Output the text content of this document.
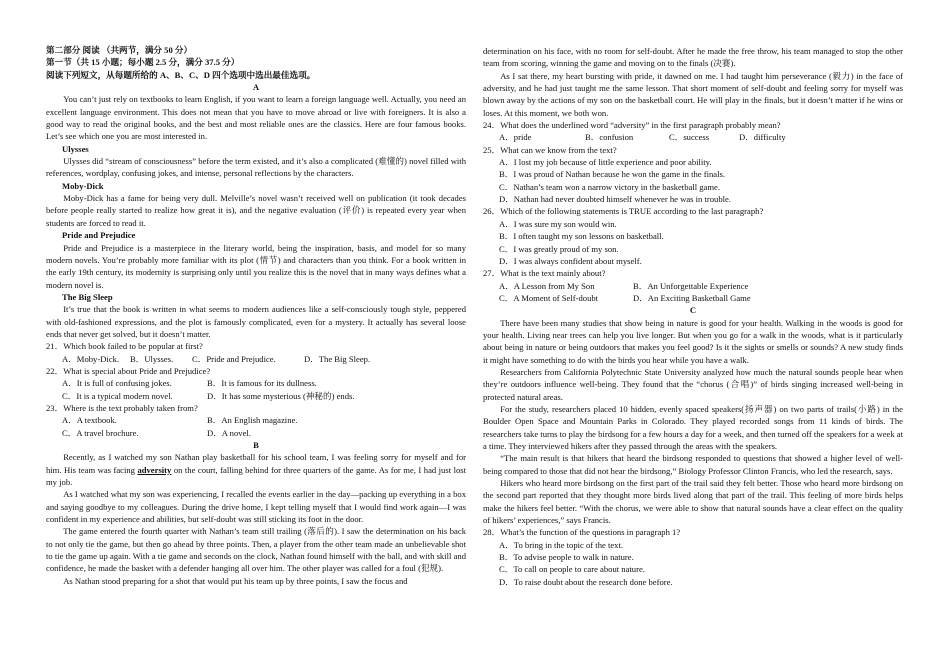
第二部分 阅读 （共两节，满分 50 分）

第一节（共 15 小题；每小题 2.5 分，满分 37.5 分）

阅读下列短文，从每题所给的 A、B、C、D 四个选项中选出最佳选项。

A

You can’t just rely on textbooks to learn English, if you want to learn a foreign language well. Actually, you need an excellent language environment. This does not mean that you have to move abroad or live with foreigners. It is also a good way to read the original books, and the best and most reliable ones are the classics. Here are four famous books. Let’s see which one you are most interested in.

Ulysses

Ulysses did “stream of consciousness” before the term existed, and it’s also a complicated (难懂的) novel filled with references, wordplay, confusing jokes, and intense, personal reflections by the characters.

Moby-Dick

Moby-Dick has a fame for being very dull. Melville’s novel wasn’t received well on publication (it took decades before people really started to realize how great it is), and the negative evaluation (评价) is repeated every year when students are forced to read it.

Pride and Prejudice

Pride and Prejudice is a masterpiece in the literary world, being the inspiration, basis, and model for so many modern novels. You’re probably more familiar with its plot (情节) and characters than you think. For a book written in the early 19th century, its modernity is surprising only until you realize this is the novel that in many ways defines what a modern novel is.

The Big Sleep

It’s true that the book is written in what seems to modern audiences like a self-consciously tough style, peppered with old-fashioned expressions, and the plot is famously complicated, even for a mystery. It actually has several loose ends that never get solved, but it doesn’t matter.

21．Which book failed to be popular at first?

A．Moby-Dick.	B．Ulysses.	C．Pride and Prejudice.	D．The Big Sleep.

22．What is special about Pride and Prejudice?

A．It is full of confusing jokes.	B．It is famous for its dullness.
C．It is a typical modern novel.	D．It has some mysterious (神秘的) ends.

23．Where is the text probably taken from?

A．A textbook.	B．An English magazine.
C．A travel brochure.	D．A novel.

B

Recently, as I watched my son Nathan play basketball for his school team, I was feeling sorry for myself and for him. His team was facing adversity on the court, falling behind for three quarters of the game. As for me, I had just lost my job.

As I watched what my son was experiencing, I recalled the events earlier in the day—packing up everything in a box and saying goodbye to my colleagues. During the drive home, I kept telling myself that I would find work again—I was confident in my experience and abilities, but self-doubt was still sticking its foot in the door.

The game entered the fourth quarter with Nathan’s team still trailing (落后的). I saw the determination on his back to not only tie the game, but then go ahead by three points. Then, a player from the other team made an unbelievable shot to tie the game up again. With a tie game and seconds on the clock, Nathan found himself with the ball, and with skill and confidence, he made the basket with a defender hanging all over him. The other player was called for a foul (犯规).

As Nathan stood preparing for a shot that would put his team up by three points, I saw the focus and

determination on his face, with no room for self-doubt. After he made the free throw, his team managed to stop the other team from scoring, winning the game and moving on to the finals (决赛).

As I sat there, my heart bursting with pride, it dawned on me. I had taught him perseverance (毅力) in the face of adversity, and he had just taught me the same lesson. That short moment of self-doubt and feeling sorry for myself was blown away by the actions of my son on the basketball court. He will play in the finals, but it doesn’t matter if he wins or loses. At this moment, we both won.

24．What does the underlined word “adversity” in the first paragraph probably mean?

A．pride	B．confusion	C．success	D．difficulty

25．What can we know from the text?

A．I lost my job because of little experience and poor ability.

B．I was proud of Nathan because he won the game in the finals.

C．Nathan’s team won a narrow victory in the basketball game.

D．Nathan had never doubted himself whenever he was in trouble.

26．Which of the following statements is TRUE according to the last paragraph?

A．I was sure my son would win.

B．I often taught my son lessons on basketball.

C．I was greatly proud of my son.

D．I was always confident about myself.

27．What is the text mainly about?

A．A Lesson from My Son	B．An Unforgettable Experience
C．A Moment of Self-doubt	D．An Exciting Basketball Game

C

There have been many studies that show being in nature is good for your health. Walking in the woods is good for your health. Living near trees can help you live longer. But when you go for a walk in the woods, what is it particularly about being in nature or being outdoors that makes you feel good? Is it the sights or smells or sounds? A new study finds it might have something to do with the birds you hear while you have a walk.

Researchers from California Polytechnic State University analyzed how much the natural sounds people hear when they’re outdoors influence well-being. They found that the “chorus (合唱)” of birds singing increased well-being in protected natural areas.

For the study, researchers placed 10 hidden, evenly spaced speakers(扬声器) on two parts of trails(小路) in the Boulder Open Space and Mountain Parks in Colorado. They played recorded songs from 11 kinds of birds. The researchers take turns to play the birdsong for a few hours a day for a week, and then turned off the speakers for a week at a time. They interviewed hikers after they passed through the areas with the speakers.

“The main result is that hikers that heard the birdsong responded to questions that showed a higher level of well-being compared to those that did not hear the birdsong,” Biology Professor Clinton Francis, who led the research, says.

Hikers who heard more birdsong on the first part of the trail said they felt better. Those who heard more birdsong on the second part reported that they thought more birds lived along that part of the trail. This feeling of more birds helps make the hikers feel better. “With the chorus, we were able to show that natural sounds have a clear effect on the quality of hikers’ experiences,” says Francis.

28．What’s the function of the questions in paragraph 1?

A．To bring in the topic of the text.

B．To advise people to walk in nature.

C．To call on people to care about nature.

D．To raise doubt about the research done before.
